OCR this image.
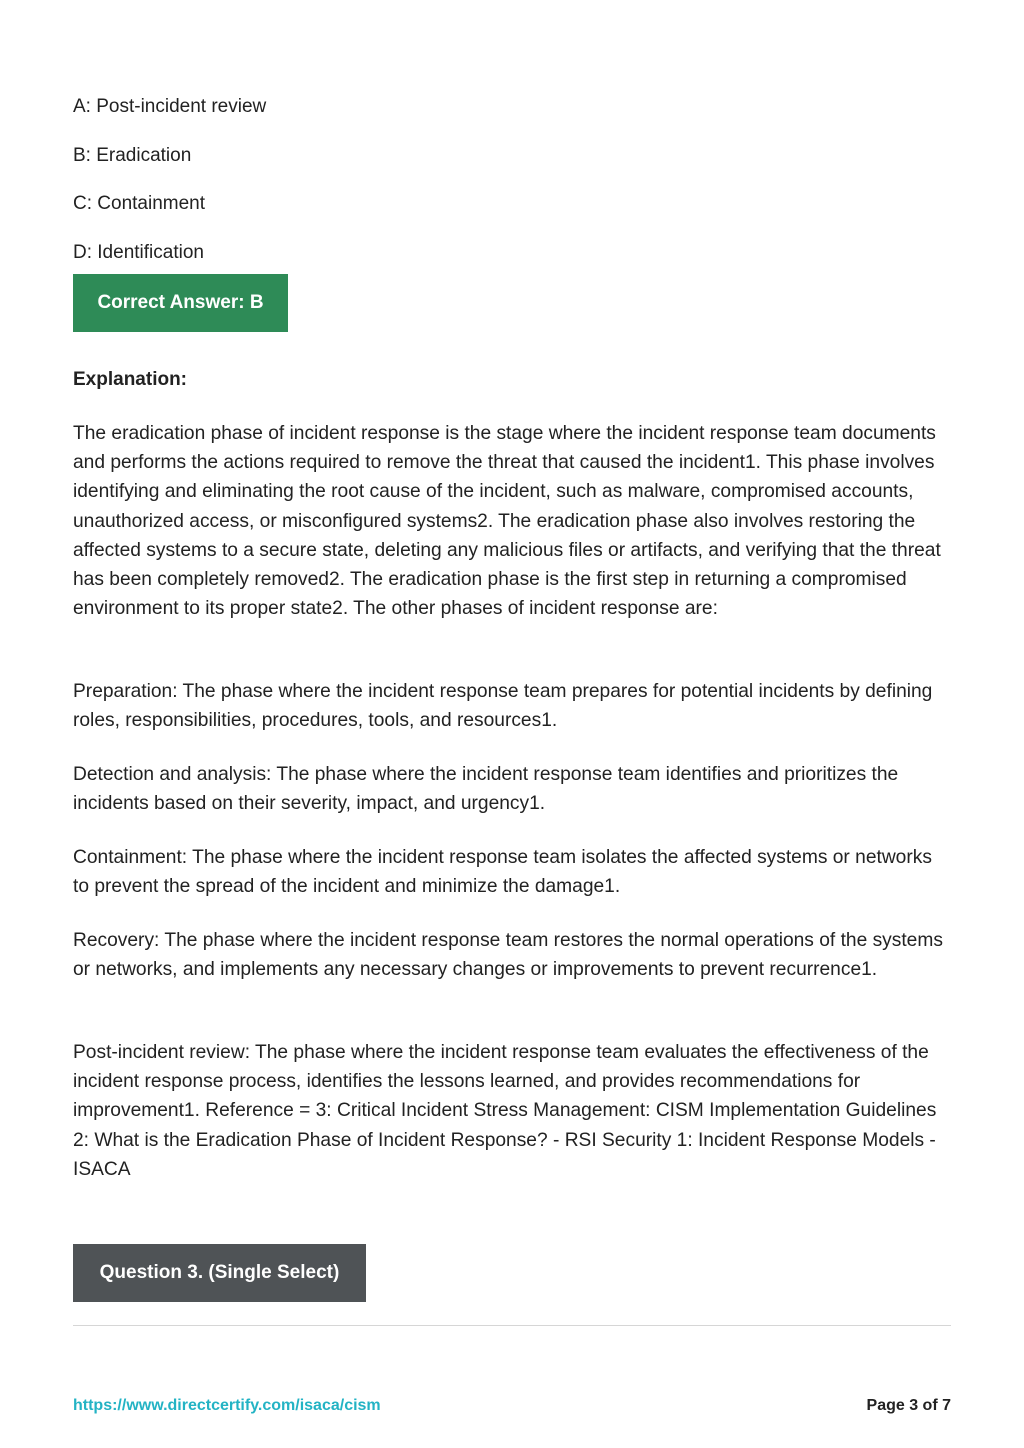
A: Post-incident review
B: Eradication
C: Containment
D: Identification
Correct Answer: B
Explanation:

The eradication phase of incident response is the stage where the incident response team documents and performs the actions required to remove the threat that caused the incident1. This phase involves identifying and eliminating the root cause of the incident, such as malware, compromised accounts, unauthorized access, or misconfigured systems2. The eradication phase also involves restoring the affected systems to a secure state, deleting any malicious files or artifacts, and verifying that the threat has been completely removed2. The eradication phase is the first step in returning a compromised environment to its proper state2. The other phases of incident response are:

Preparation: The phase where the incident response team prepares for potential incidents by defining roles, responsibilities, procedures, tools, and resources1.

Detection and analysis: The phase where the incident response team identifies and prioritizes the incidents based on their severity, impact, and urgency1.

Containment: The phase where the incident response team isolates the affected systems or networks to prevent the spread of the incident and minimize the damage1.

Recovery: The phase where the incident response team restores the normal operations of the systems or networks, and implements any necessary changes or improvements to prevent recurrence1.

Post-incident review: The phase where the incident response team evaluates the effectiveness of the incident response process, identifies the lessons learned, and provides recommendations for improvement1. Reference = 3: Critical Incident Stress Management: CISM Implementation Guidelines 2: What is the Eradication Phase of Incident Response? - RSI Security 1: Incident Response Models - ISACA

Question 3. (Single Select)
https://www.directcertify.com/isaca/cism	Page 3 of 7
